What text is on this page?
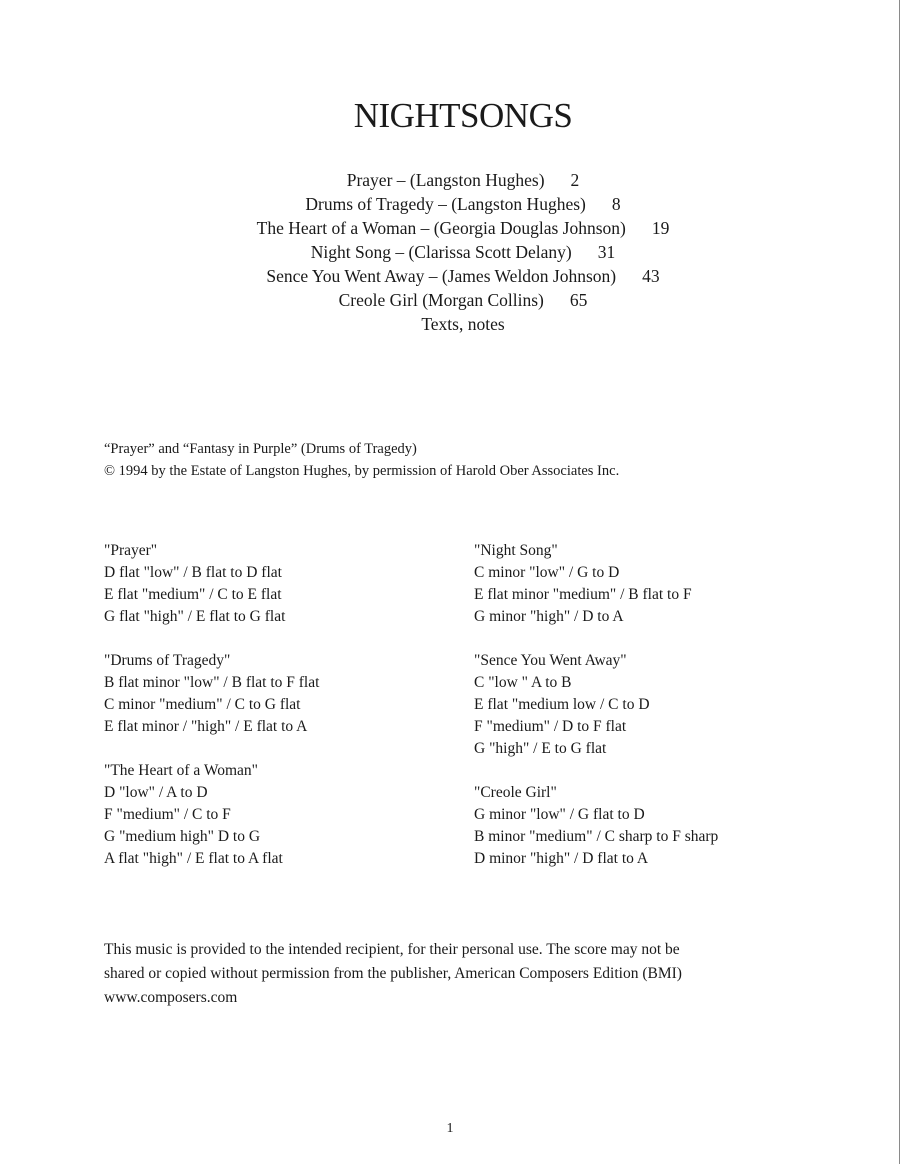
NIGHTSONGS
Prayer – (Langston Hughes) 2
Drums of Tragedy – (Langston Hughes) 8
The Heart of a Woman – (Georgia Douglas Johnson) 19
Night Song – (Clarissa Scott Delany) 31
Sence You Went Away – (James Weldon Johnson) 43
Creole Girl (Morgan Collins) 65
Texts, notes
“Prayer” and “Fantasy in Purple” (Drums of Tragedy)
© 1994 by the Estate of Langston Hughes, by permission of Harold Ober Associates Inc.
"Prayer"
D flat "low" / B flat to D flat
E flat "medium" / C to E flat
G flat "high" / E flat to G flat
"Drums of Tragedy"
B flat minor "low" / B flat to F flat
C minor "medium" / C to G flat
E flat minor / "high" / E flat to A
"The Heart of a Woman"
D "low" / A to D
F "medium" / C to F
G "medium high" D to G
A flat "high" / E flat to A flat
"Night Song"
C minor "low" / G to D
E flat minor "medium" / B flat to F
G minor "high" / D to A
"Sence You Went Away"
C "low " A to B
E flat "medium low / C to D
F "medium" / D to F flat
G "high" / E to G flat
"Creole Girl"
G minor "low" / G flat to D
B minor "medium" / C sharp to F sharp
D minor "high" / D flat to A
This music is provided to the intended recipient, for their personal use. The score may not be
shared or copied without permission from the publisher, American Composers Edition (BMI)
www.composers.com
1
